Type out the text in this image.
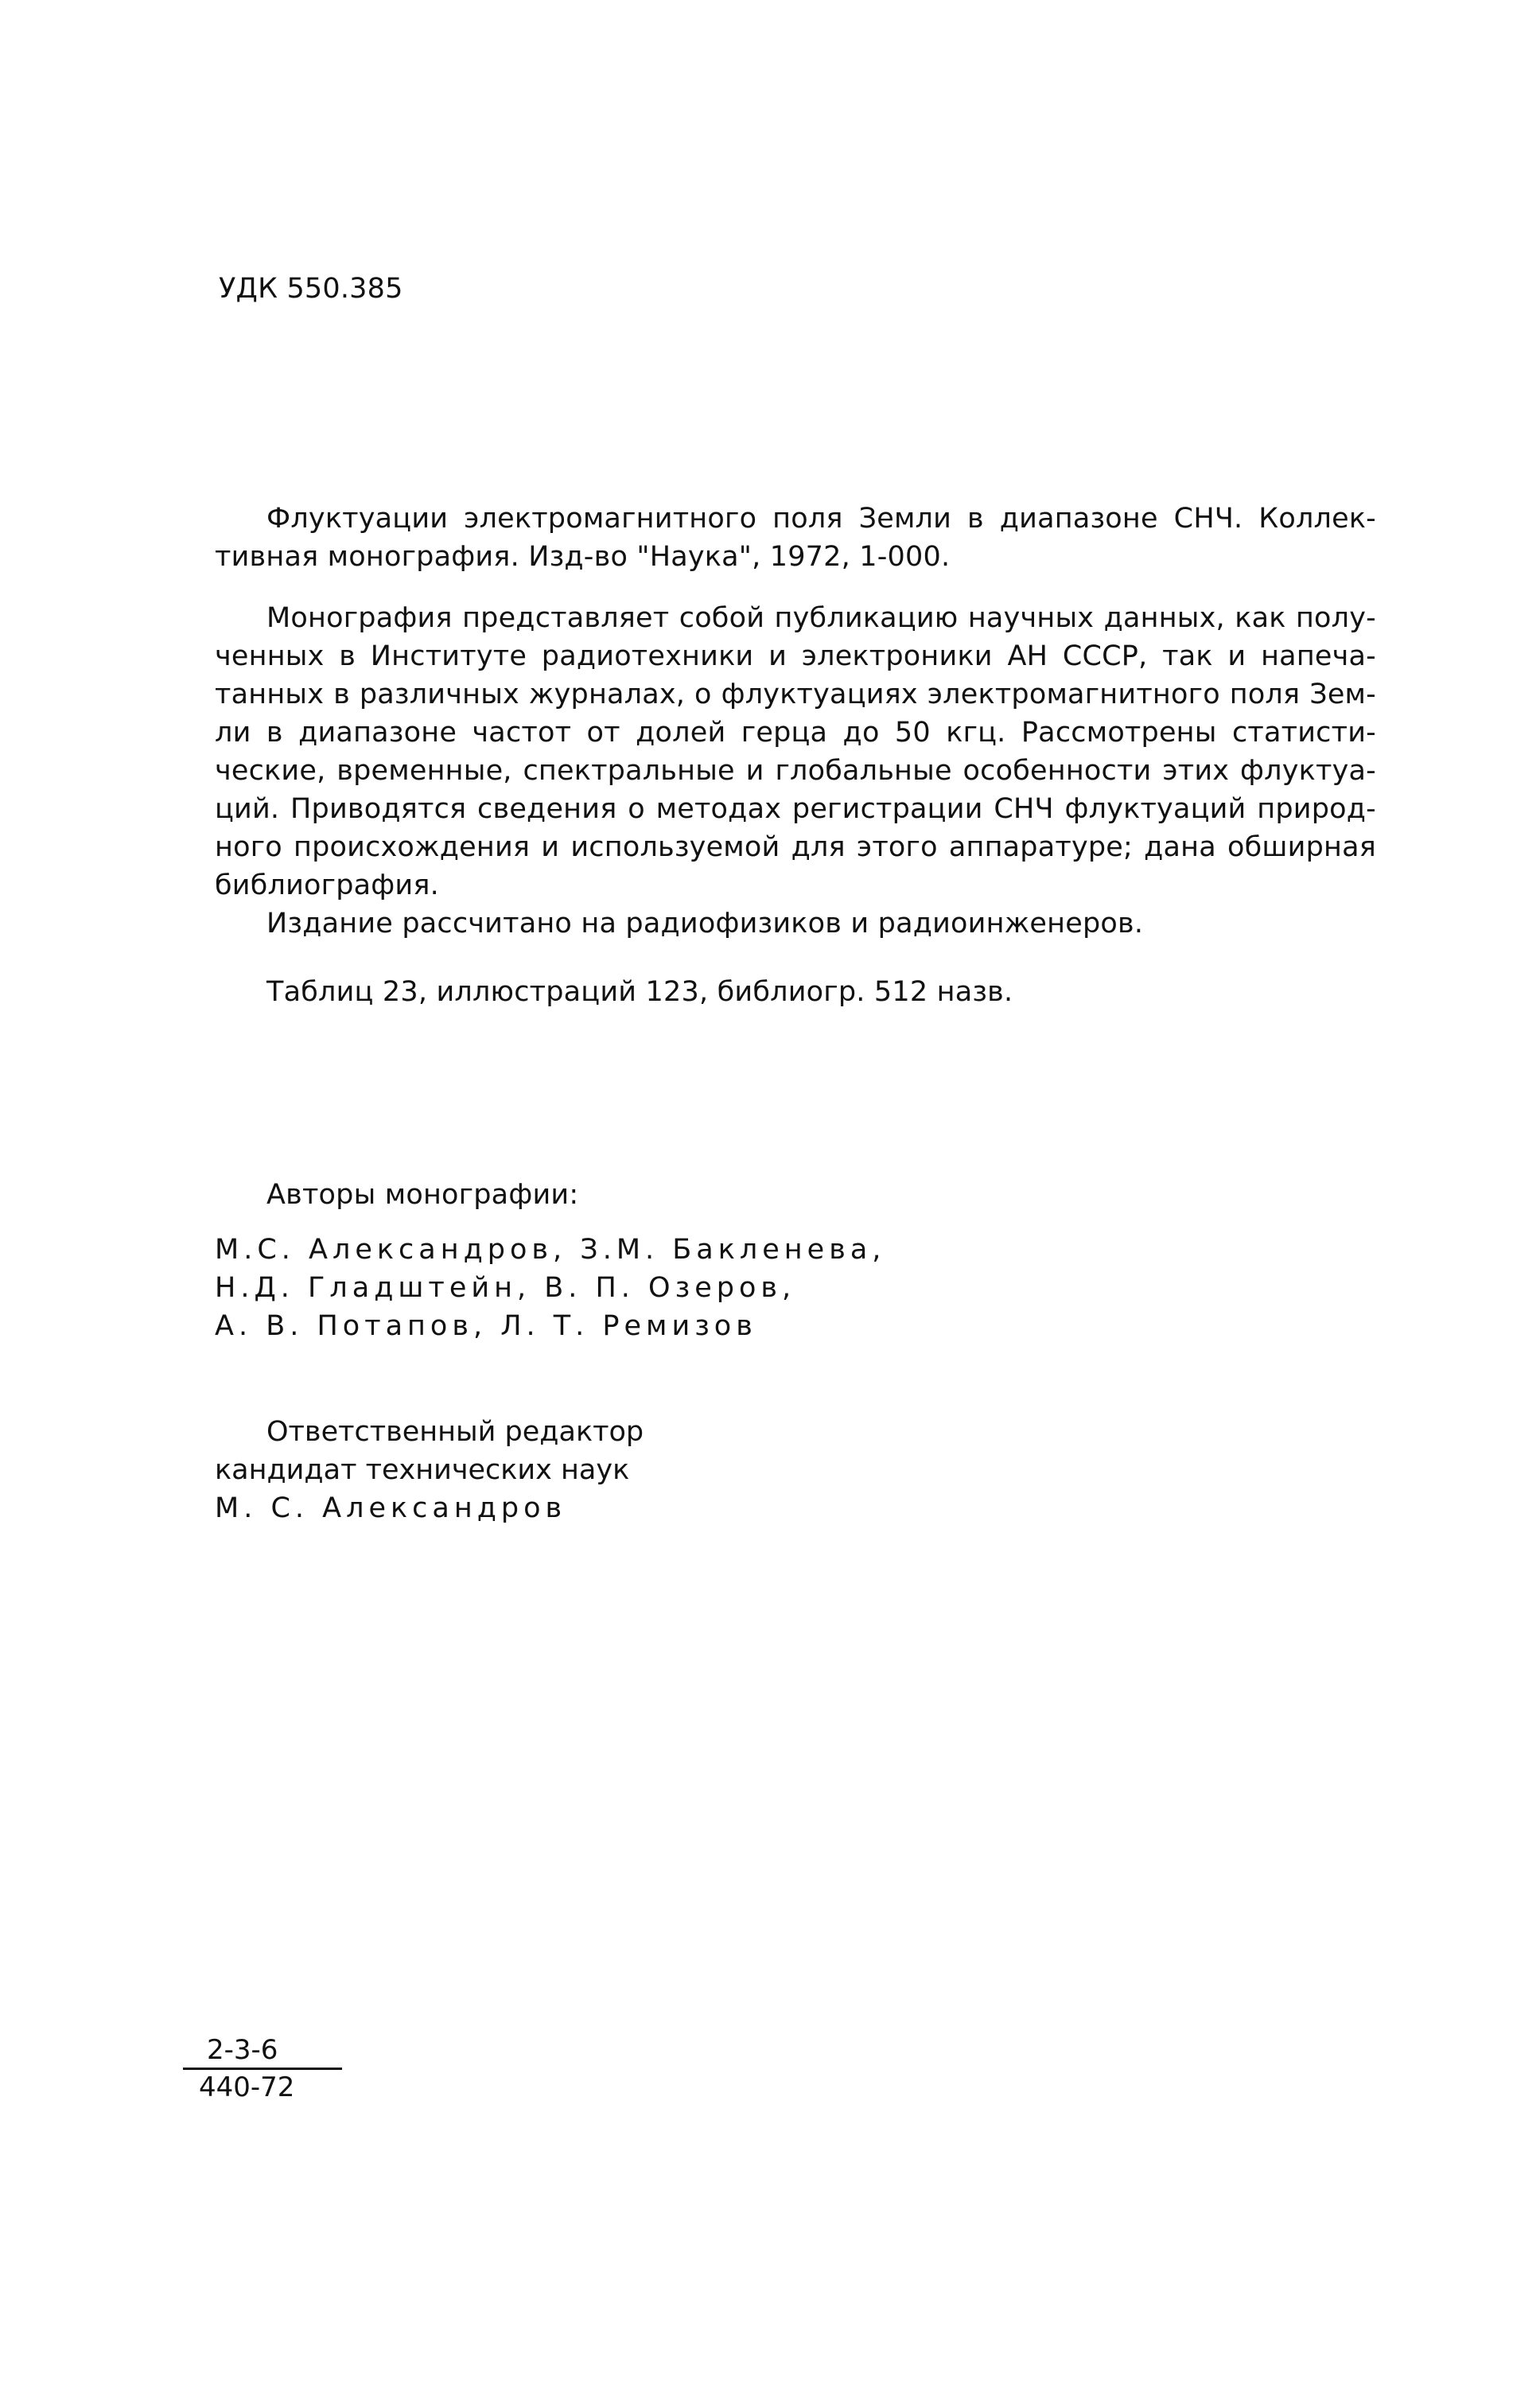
УДК 550.385
Флуктуации электромагнитного поля Земли в диапазоне СНЧ. Коллек-
тивная монография. Изд-во "Наука", 1972, 1-000.
Монография представляет собой публикацию научных данных, как полу-
ченных в Институте радиотехники и электроники АН СССР, так и напеча-
танных в различных журналах, о флуктуациях электромагнитного поля Зем-
ли в диапазоне частот от долей герца до 50 кгц. Рассмотрены статисти-
ческие, временные, спектральные и глобальные особенности этих флуктуа-
ций. Приводятся сведения о методах регистрации СНЧ флуктуаций природ-
ного происхождения и используемой для этого аппаратуре; дана обширная
библиография.
Издание рассчитано на радиофизиков и радиоинженеров.
Таблиц 23, иллюстраций 123, библиогр. 512 назв.
Авторы монографии:
М.С. Александров, З.М. Бакленева,
Н.Д. Гладштейн, В. П. Озеров,
А. В. Потапов, Л. Т. Ремизов
Ответственный редактор
кандидат технических наук
М. С. Александров
$\frac{2-3-6}{440-72}$
